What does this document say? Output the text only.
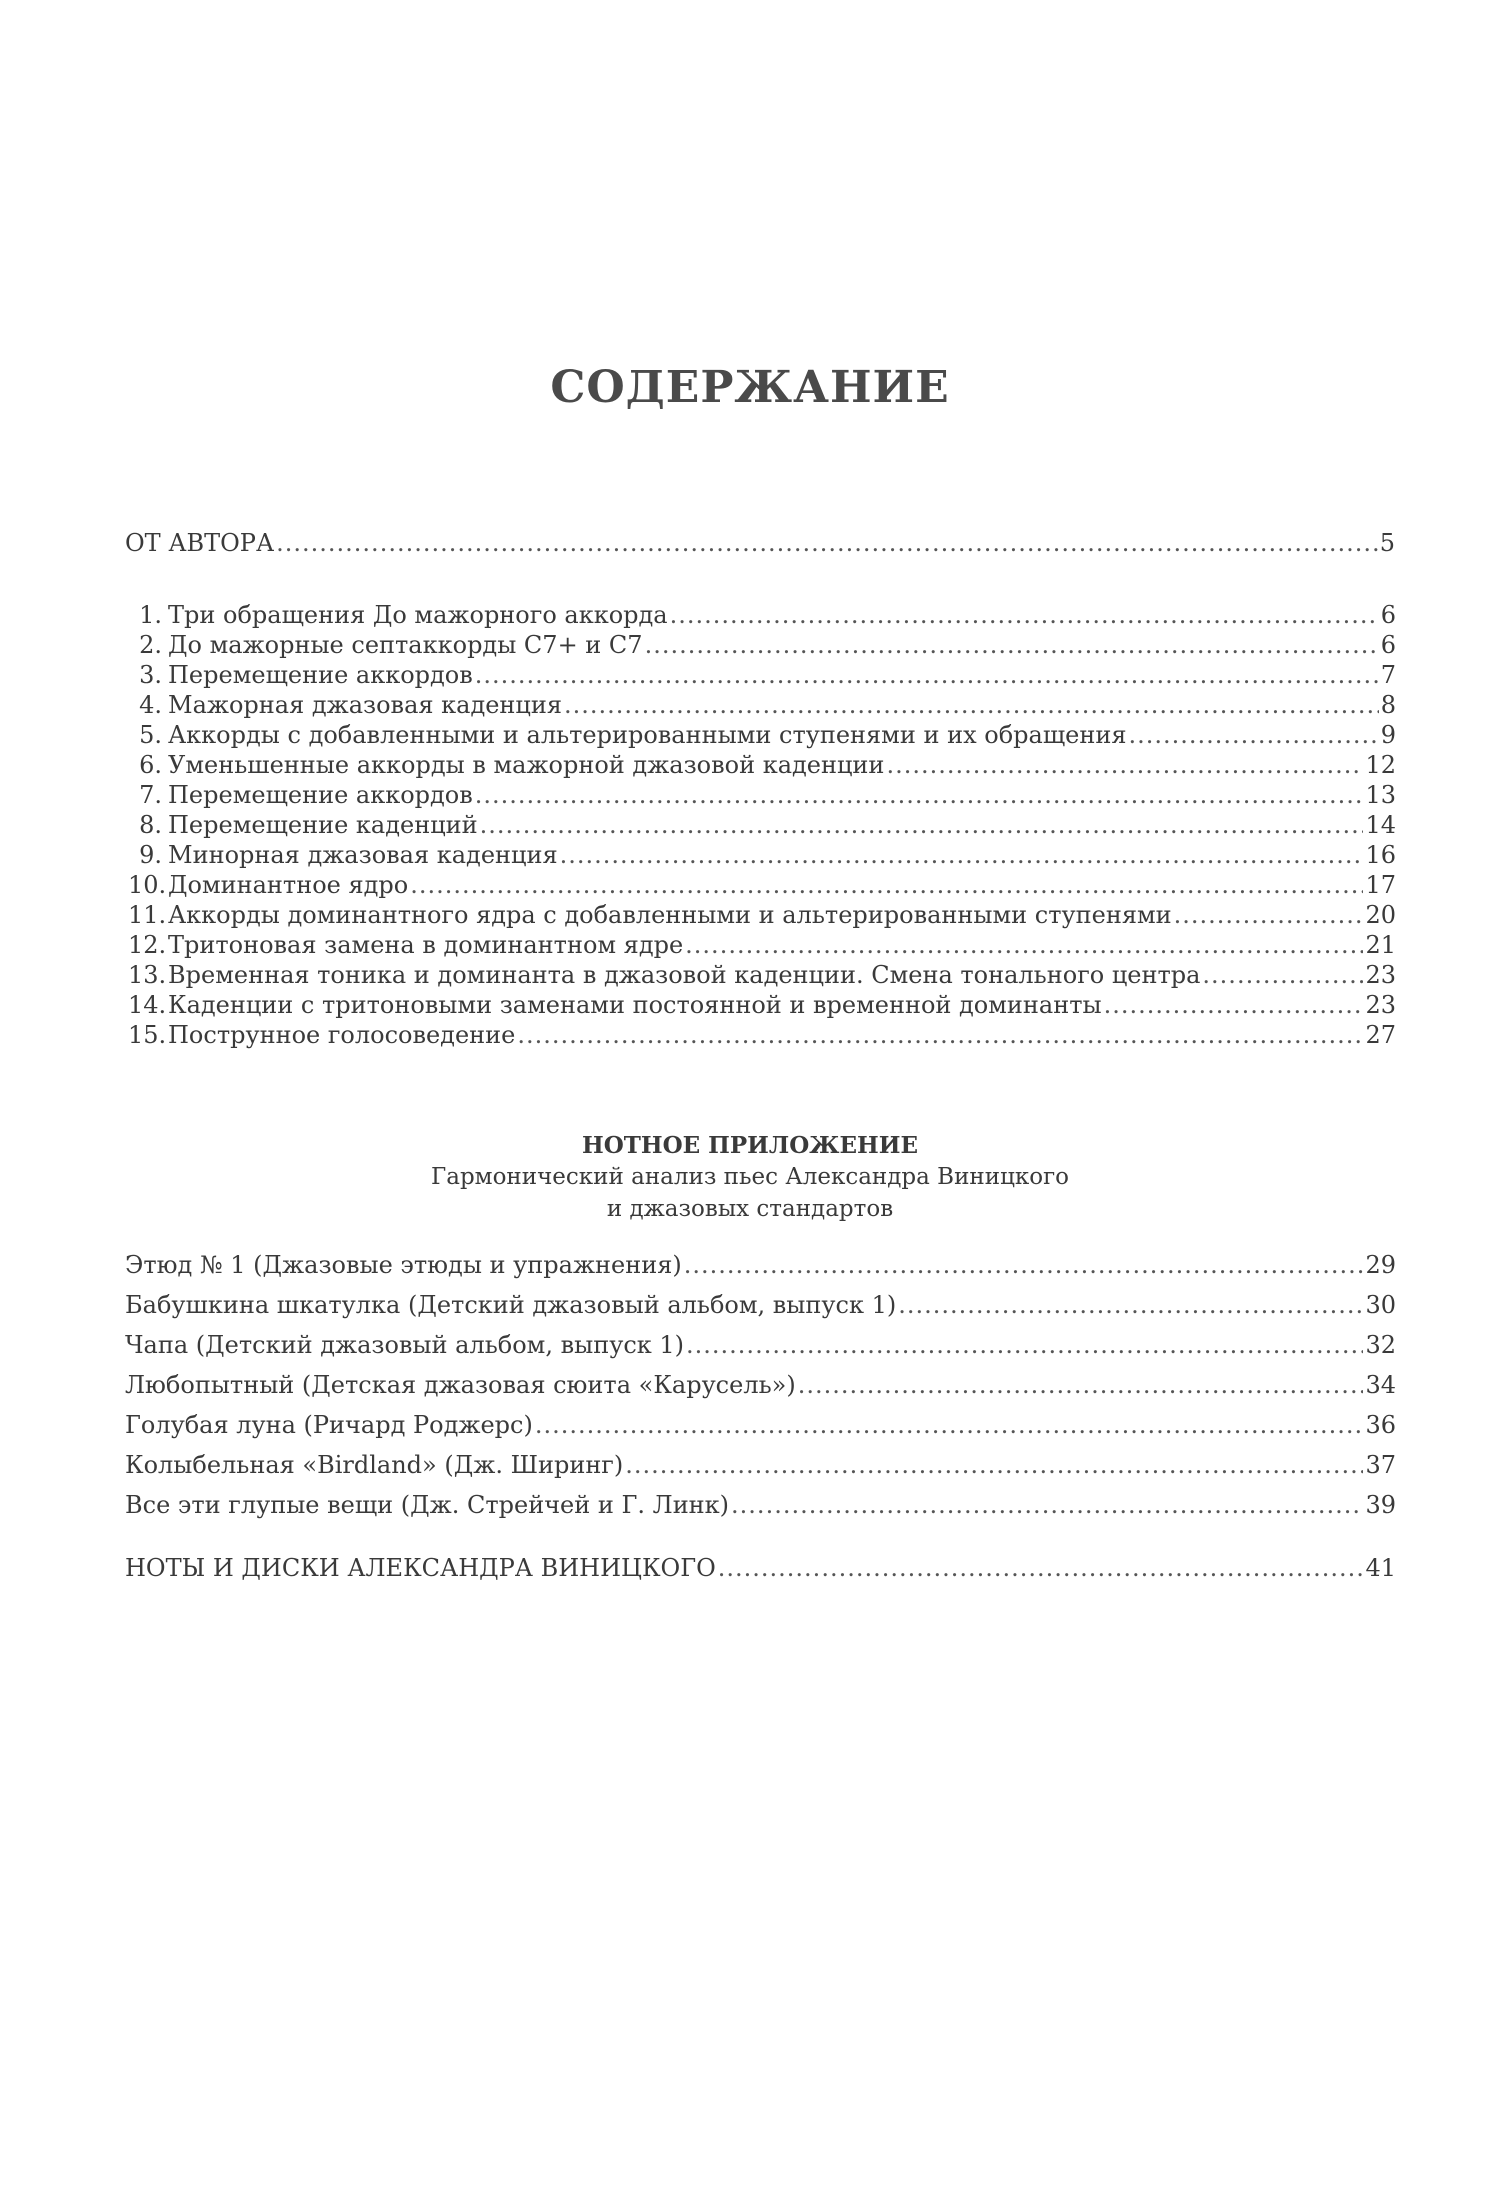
СОДЕРЖАНИЕ
ОТ АВТОРА .....	5
1. Три обращения До мажорного аккорда .....	6
2. До мажорные септаккорды С7+ и С7 .....	6
3. Перемещение аккордов .....	7
4. Мажорная джазовая каденция .....	8
5. Аккорды с добавленными и альтерированными ступенями и их обращения .....	9
6. Уменьшенные аккорды в мажорной джазовой каденции .....	12
7. Перемещение аккордов .....	13
8. Перемещение каденций .....	14
9. Минорная джазовая каденция .....	16
10. Доминантное ядро .....	17
11. Аккорды доминантного ядра с добавленными и альтерированными ступенями .....	20
12. Тритоновая замена в доминантном ядре .....	21
13. Временная тоника и доминанта в джазовой каденции. Смена тонального центра .....	23
14. Каденции с тритоновыми заменами постоянной и временной доминанты .....	23
15. Пострунное голосоведение .....	27
НОТНОЕ ПРИЛОЖЕНИЕ
Гармонический анализ пьес Александра Виницкого
и джазовых стандартов
Этюд № 1 (Джазовые этюды и упражнения) .....	29
Бабушкина шкатулка (Детский джазовый альбом, выпуск 1) .....	30
Чапа (Детский джазовый альбом, выпуск 1) .....	32
Любопытный (Детская джазовая сюита «Карусель») .....	34
Голубая луна (Ричард Роджерс) .....	36
Колыбельная «Birdland» (Дж. Ширинг) .....	37
Все эти глупые вещи (Дж. Стрейчей и Г. Линк) .....	39
НОТЫ И ДИСКИ АЛЕКСАНДРА ВИНИЦКОГО .....	41
